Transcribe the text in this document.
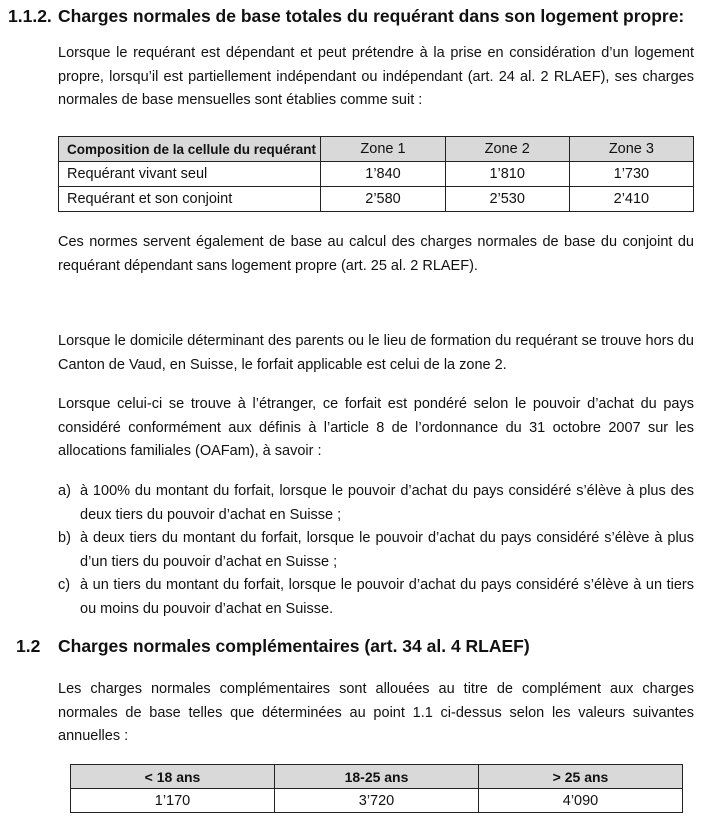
1.1.2. Charges normales de base totales du requérant dans son logement propre:

Lorsque le requérant est dépendant et peut prétendre à la prise en considération d’un logement propre, lorsqu’il est partiellement indépendant ou indépendant (art. 24 al. 2 RLAEF), ses charges normales de base mensuelles sont établies comme suit :

Composition de la cellule du requérant	Zone 1	Zone 2	Zone 3
Requérant vivant seul	1’840	1’810	1’730
Requérant et son conjoint	2’580	2’530	2’410

Ces normes servent également de base au calcul des charges normales de base du conjoint du requérant dépendant sans logement propre (art. 25 al. 2 RLAEF).

Lorsque le domicile déterminant des parents ou le lieu de formation du requérant se trouve hors du Canton de Vaud, en Suisse, le forfait applicable est celui de la zone 2.

Lorsque celui-ci se trouve à l’étranger, ce forfait est pondéré selon le pouvoir d’achat du pays considéré conformément aux définis à l’article 8 de l’ordonnance du 31 octobre 2007 sur les allocations familiales (OAFam), à savoir :

a) à 100% du montant du forfait, lorsque le pouvoir d’achat du pays considéré s’élève à plus des deux tiers du pouvoir d’achat en Suisse ;
b) à deux tiers du montant du forfait, lorsque le pouvoir d’achat du pays considéré s’élève à plus d’un tiers du pouvoir d’achat en Suisse ;
c) à un tiers du montant du forfait, lorsque le pouvoir d’achat du pays considéré s’élève à un tiers ou moins du pouvoir d’achat en Suisse.
1.2 Charges normales complémentaires (art. 34 al. 4 RLAEF)

Les charges normales complémentaires sont allouées au titre de complément aux charges normales de base telles que déterminées au point 1.1 ci-dessus selon les valeurs suivantes annuelles :

< 18 ans	18-25 ans	> 25 ans
1’170	3’720	4’090
